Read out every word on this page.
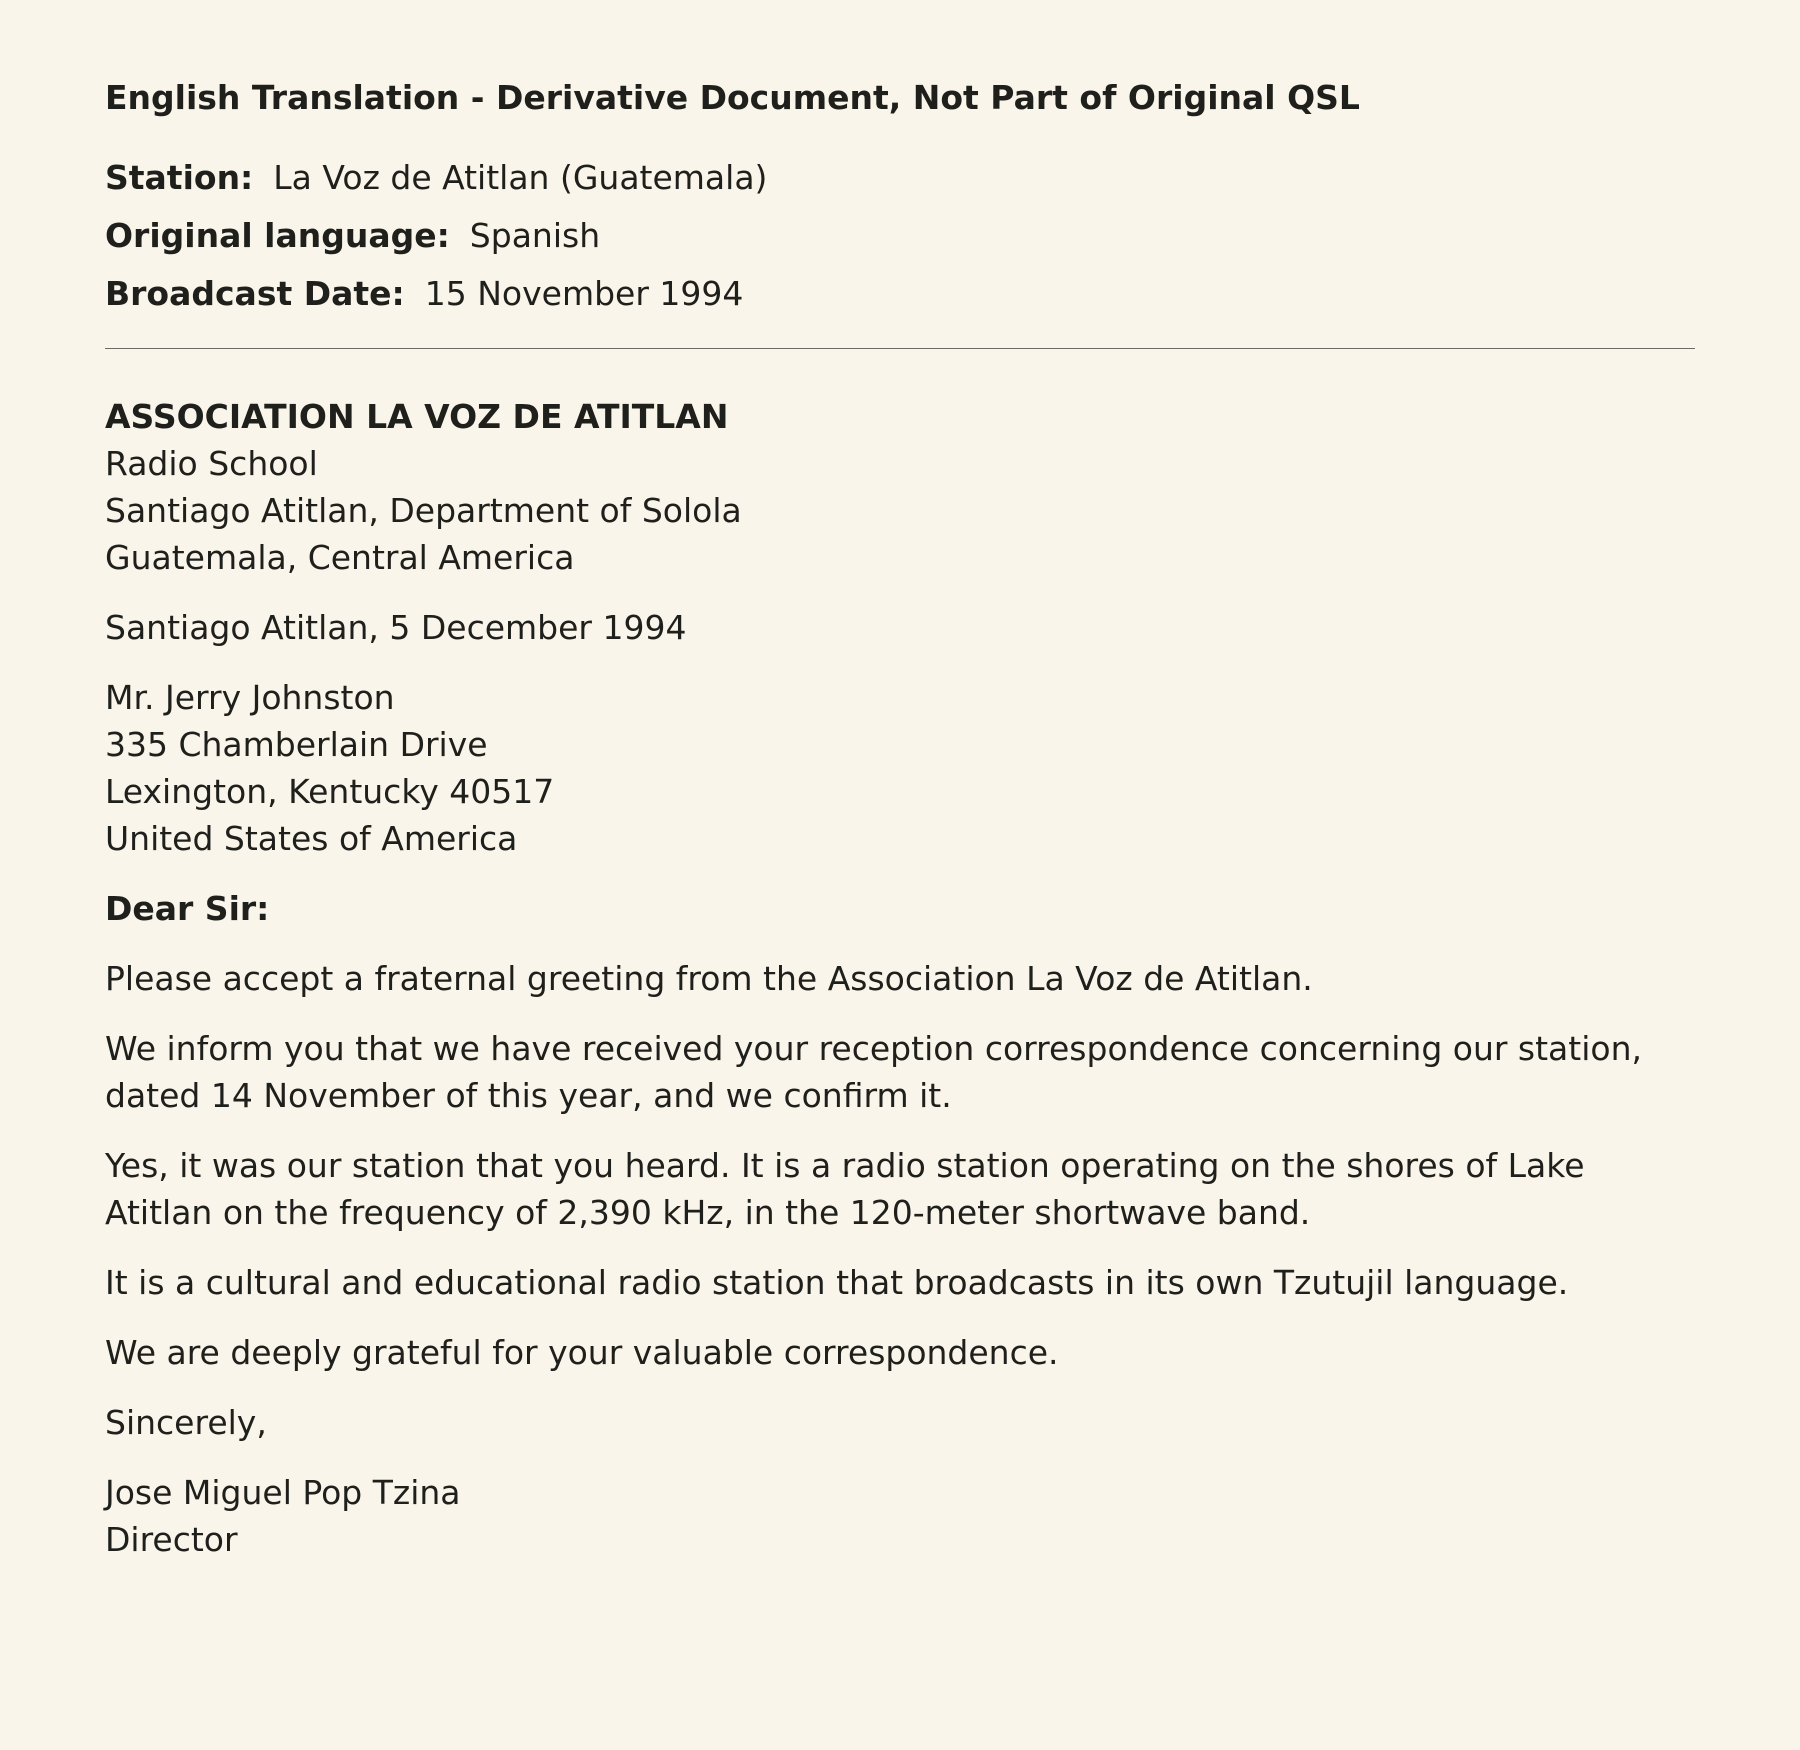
English Translation - Derivative Document, Not Part of Original QSL
Station: La Voz de Atitlan (Guatemala)
Original language: Spanish
Broadcast Date: 15 November 1994
ASSOCIATION LA VOZ DE ATITLAN
Radio School
Santiago Atitlan, Department of Solola
Guatemala, Central America

Santiago Atitlan, 5 December 1994

Mr. Jerry Johnston
335 Chamberlain Drive
Lexington, Kentucky 40517
United States of America

Dear Sir:

Please accept a fraternal greeting from the Association La Voz de Atitlan.

We inform you that we have received your reception correspondence concerning our station, dated 14 November of this year, and we confirm it.

Yes, it was our station that you heard. It is a radio station operating on the shores of Lake Atitlan on the frequency of 2,390 kHz, in the 120-meter shortwave band.

It is a cultural and educational radio station that broadcasts in its own Tzutujil language.

We are deeply grateful for your valuable correspondence.

Sincerely,

Jose Miguel Pop Tzina
Director
